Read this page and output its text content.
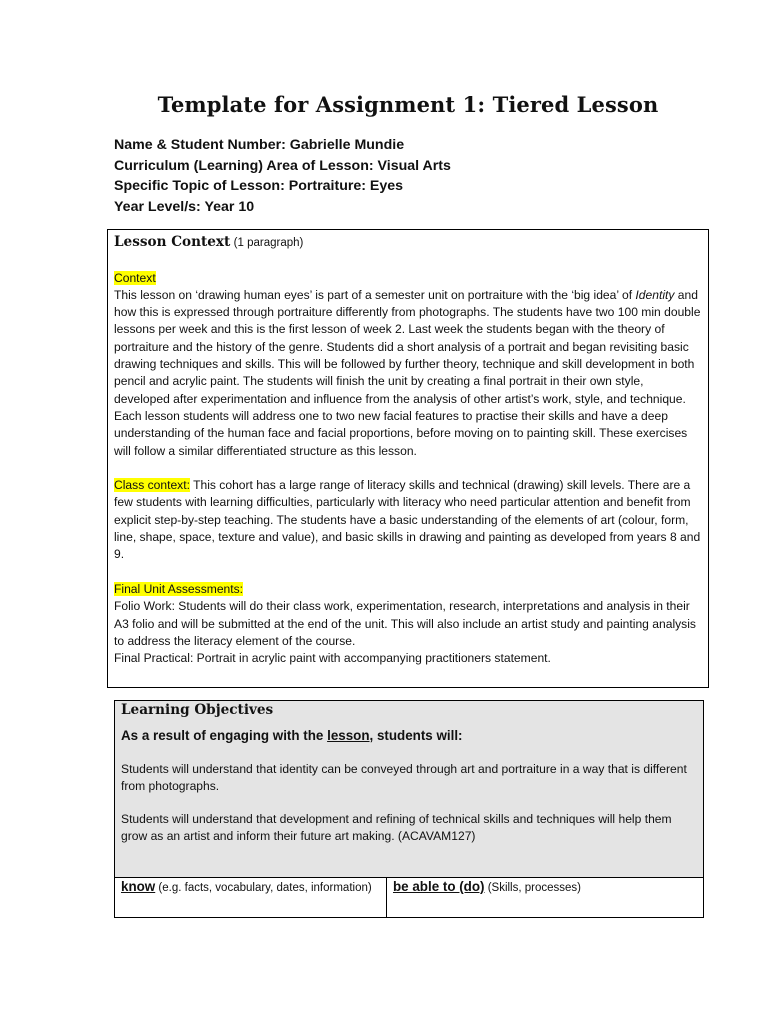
Template for Assignment 1: Tiered Lesson
Name & Student Number: Gabrielle Mundie
Curriculum (Learning) Area of Lesson: Visual Arts
Specific Topic of Lesson: Portraiture: Eyes
Year Level/s: Year 10
Lesson Context (1 paragraph)
Context
This lesson on ‘drawing human eyes’ is part of a semester unit on portraiture with the ‘big idea’ of Identity and how this is expressed through portraiture differently from photographs. The students have two 100 min double lessons per week and this is the first lesson of week 2. Last week the students began with the theory of portraiture and the history of the genre. Students did a short analysis of a portrait and began revisiting basic drawing techniques and skills. This will be followed by further theory, technique and skill development in both pencil and acrylic paint. The students will finish the unit by creating a final portrait in their own style, developed after experimentation and influence from the analysis of other artist’s work, style, and technique. Each lesson students will address one to two new facial features to practise their skills and have a deep understanding of the human face and facial proportions, before moving on to painting skill. These exercises will follow a similar differentiated structure as this lesson.
Class context: This cohort has a large range of literacy skills and technical (drawing) skill levels. There are a few students with learning difficulties, particularly with literacy who need particular attention and benefit from explicit step-by-step teaching. The students have a basic understanding of the elements of art (colour, form, line, shape, space, texture and value), and basic skills in drawing and painting as developed from years 8 and 9.
Final Unit Assessments:
Folio Work: Students will do their class work, experimentation, research, interpretations and analysis in their A3 folio and will be submitted at the end of the unit. This will also include an artist study and painting analysis to address the literacy element of the course.
Final Practical: Portrait in acrylic paint with accompanying practitioners statement.
Learning Objectives
As a result of engaging with the lesson, students will:
Students will understand that identity can be conveyed through art and portraiture in a way that is different from photographs.
Students will understand that development and refining of technical skills and techniques will help them grow as an artist and inform their future art making. (ACAVAM127)
know (e.g. facts, vocabulary, dates, information)	be able to (do) (Skills, processes)
